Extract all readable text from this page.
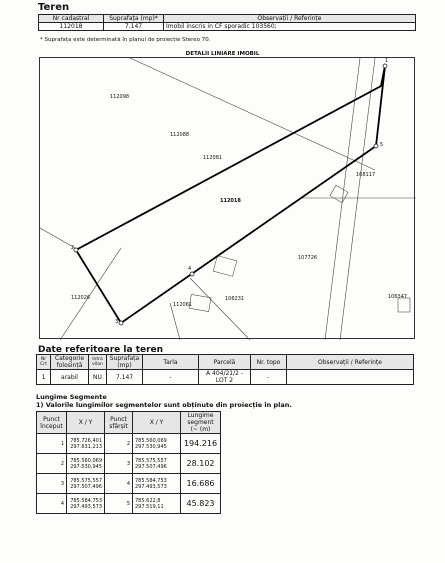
Teren
Nr cadastral	Suprafața (mp)*	Observații / Referințe
112018	7.147	Imobil inscris in CF sporadic 103560;
* Suprafața este determinată în planul de proiecție Stereo 70.
DETALII LINIARE IMOBIL
112098
112088
112081
112018
108117
107726
112026
112061
106231	106347
1
2
3
4
5
Date referitoare la teren
Nr Crt	Categorie folosință	Intra vilan	Suprafața (mp)	Tarla	Parcelă	Nr. topo	Observații / Referințe
1	arabil	NU	7.147	-	A 404/21/2 - LOT 2	-	
Lungime Segmente
1) Valorile lungimilor segmentelor sunt obținute din proiecție în plan.
Punct început	X / Y	Punct sfârșit	X / Y	Lungime segment (~ (m)
1	785.726,401
297.631,213	2	785.560,069
297.530,945	194.216
2	785.560,069
297.530,945	3	785.575,557
297.507,496	28.102
3	785.575,557
297.507,496	4	785.584,753
297.493,573	16.686
4	785.584,753
297.493,573	5	785.622,8
297.519,11	45.823
